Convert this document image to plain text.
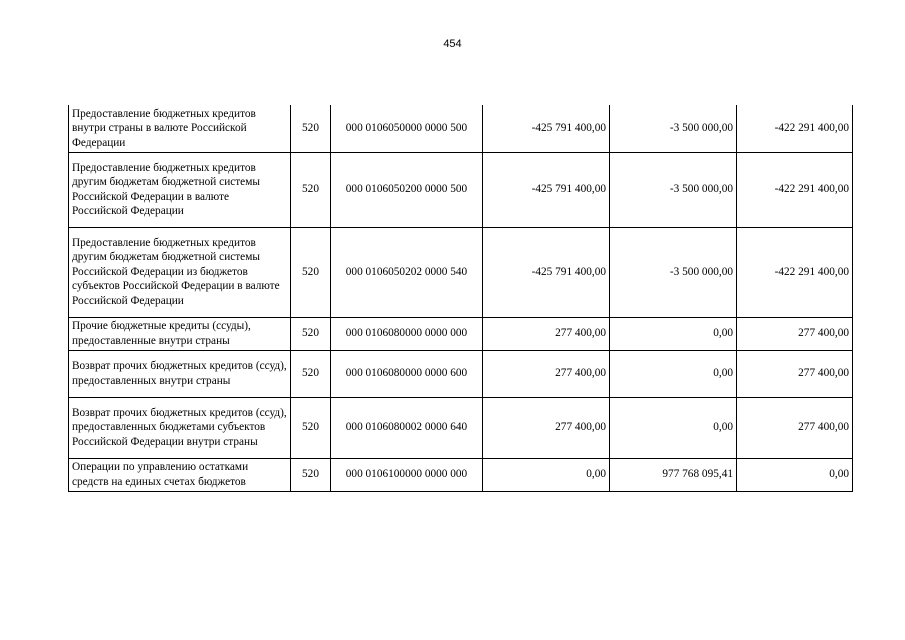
454
Предоставление бюджетных кредитов внутри страны в валюте Российской Федерации	520	000 0106050000 0000 500	-425 791 400,00	-3 500 000,00	-422 291 400,00
Предоставление бюджетных кредитов другим бюджетам бюджетной системы Российской Федерации в валюте Российской Федерации	520	000 0106050200 0000 500	-425 791 400,00	-3 500 000,00	-422 291 400,00
Предоставление бюджетных кредитов другим бюджетам бюджетной системы Российской Федерации из бюджетов субъектов Российской Федерации в валюте Российской Федерации	520	000 0106050202 0000 540	-425 791 400,00	-3 500 000,00	-422 291 400,00
Прочие бюджетные кредиты (ссуды), предоставленные внутри страны	520	000 0106080000 0000 000	277 400,00	0,00	277 400,00
Возврат прочих бюджетных кредитов (ссуд), предоставленных внутри страны	520	000 0106080000 0000 600	277 400,00	0,00	277 400,00
Возврат прочих бюджетных кредитов (ссуд), предоставленных бюджетами субъектов Российской Федерации внутри страны	520	000 0106080002 0000 640	277 400,00	0,00	277 400,00
Операции по управлению остатками средств на единых счетах бюджетов	520	000 0106100000 0000 000	0,00	977 768 095,41	0,00
